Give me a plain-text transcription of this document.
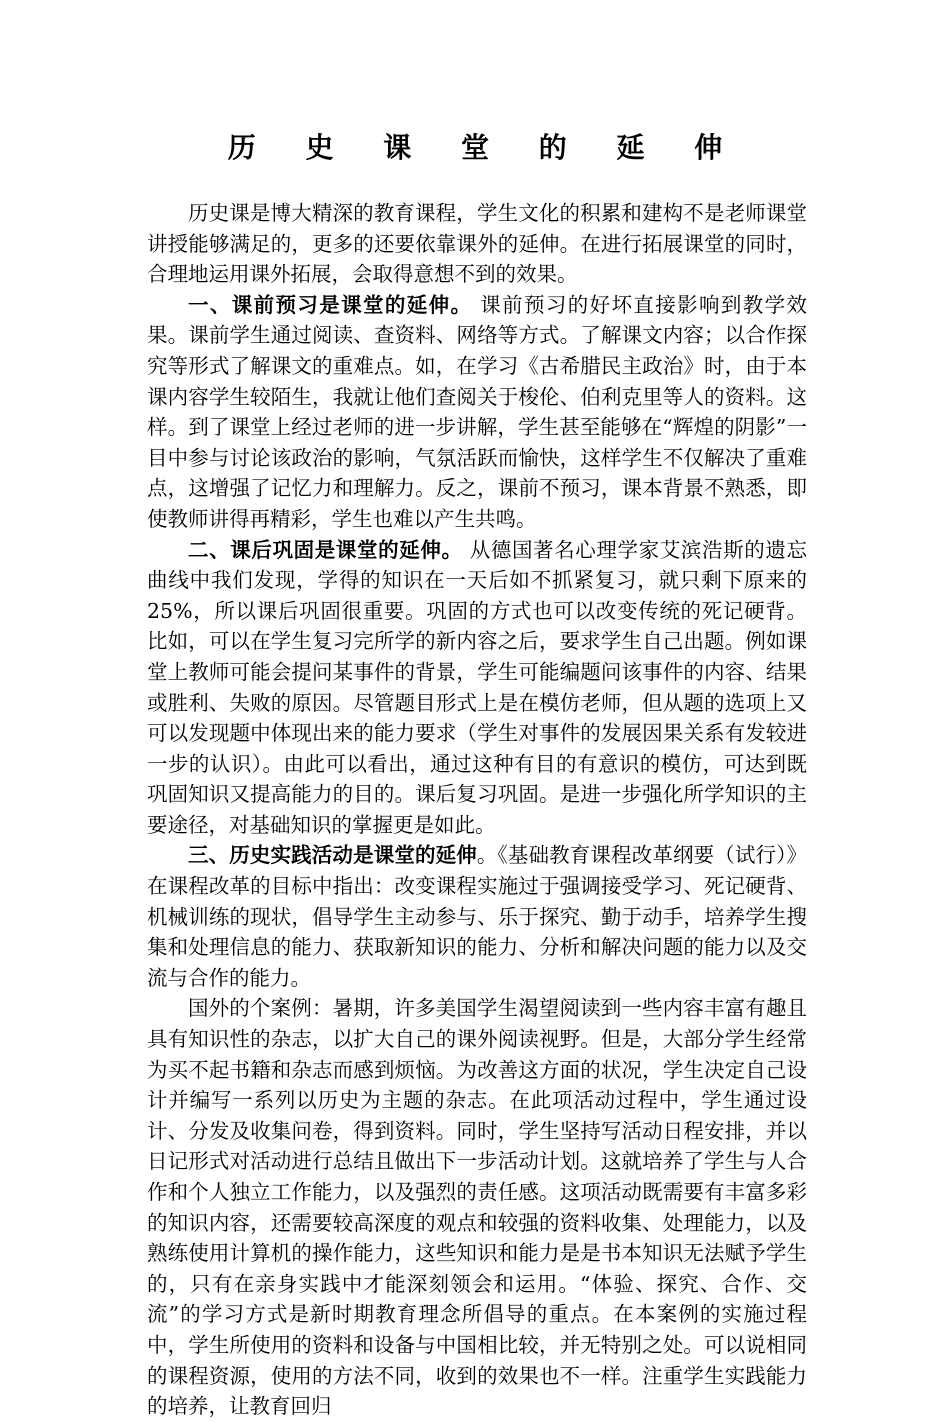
历 史 课 堂 的 延 伸

历史课是博大精深的教育课程，学生文化的积累和建构不是老师课堂讲授能够满足的，更多的还要依靠课外的延伸。在进行拓展课堂的同时，合理地运用课外拓展，会取得意想不到的效果。

一、课前预习是课堂的延伸。 课前预习的好坏直接影响到教学效果。课前学生通过阅读、查资料、网络等方式。了解课文内容；以合作探究等形式了解课文的重难点。如，在学习《古希腊民主政治》时，由于本课内容学生较陌生，我就让他们查阅关于梭伦、伯利克里等人的资料。这样。到了课堂上经过老师的进一步讲解，学生甚至能够在“辉煌的阴影”一目中参与讨论该政治的影响，气氛活跃而愉快，这样学生不仅解决了重难点，这增强了记忆力和理解力。反之，课前不预习，课本背景不熟悉，即使教师讲得再精彩，学生也难以产生共鸣。

二、课后巩固是课堂的延伸。 从德国著名心理学家艾滨浩斯的遗忘曲线中我们发现，学得的知识在一天后如不抓紧复习，就只剩下原来的25%，所以课后巩固很重要。巩固的方式也可以改变传统的死记硬背。比如，可以在学生复习完所学的新内容之后，要求学生自己出题。例如课堂上教师可能会提问某事件的背景，学生可能编题问该事件的内容、结果或胜利、失败的原因。尽管题目形式上是在模仿老师，但从题的选项上又可以发现题中体现出来的能力要求（学生对事件的发展因果关系有发较进一步的认识）。由此可以看出，通过这种有目的有意识的模仿，可达到既巩固知识又提高能力的目的。课后复习巩固。是进一步强化所学知识的主要途径，对基础知识的掌握更是如此。

三、历史实践活动是课堂的延伸。《基础教育课程改革纲要（试行）》在课程改革的目标中指出：改变课程实施过于强调接受学习、死记硬背、机械训练的现状，倡导学生主动参与、乐于探究、勤于动手，培养学生搜集和处理信息的能力、获取新知识的能力、分析和解决问题的能力以及交流与合作的能力。

国外的个案例：暑期，许多美国学生渴望阅读到一些内容丰富有趣且具有知识性的杂志，以扩大自己的课外阅读视野。但是，大部分学生经常为买不起书籍和杂志而感到烦恼。为改善这方面的状况，学生决定自己设计并编写一系列以历史为主题的杂志。在此项活动过程中，学生通过设计、分发及收集问卷，得到资料。同时，学生坚持写活动日程安排，并以日记形式对活动进行总结且做出下一步活动计划。这就培养了学生与人合作和个人独立工作能力，以及强烈的责任感。这项活动既需要有丰富多彩的知识内容，还需要较高深度的观点和较强的资料收集、处理能力，以及熟练使用计算机的操作能力，这些知识和能力是是书本知识无法赋予学生的，只有在亲身实践中才能深刻领会和运用。“体验、探究、合作、交流”的学习方式是新时期教育理念所倡导的重点。在本案例的实施过程中，学生所使用的资料和设备与中国相比较，并无特别之处。可以说相同的课程资源，使用的方法不同，收到的效果也不一样。注重学生实践能力的培养，让教育回归
